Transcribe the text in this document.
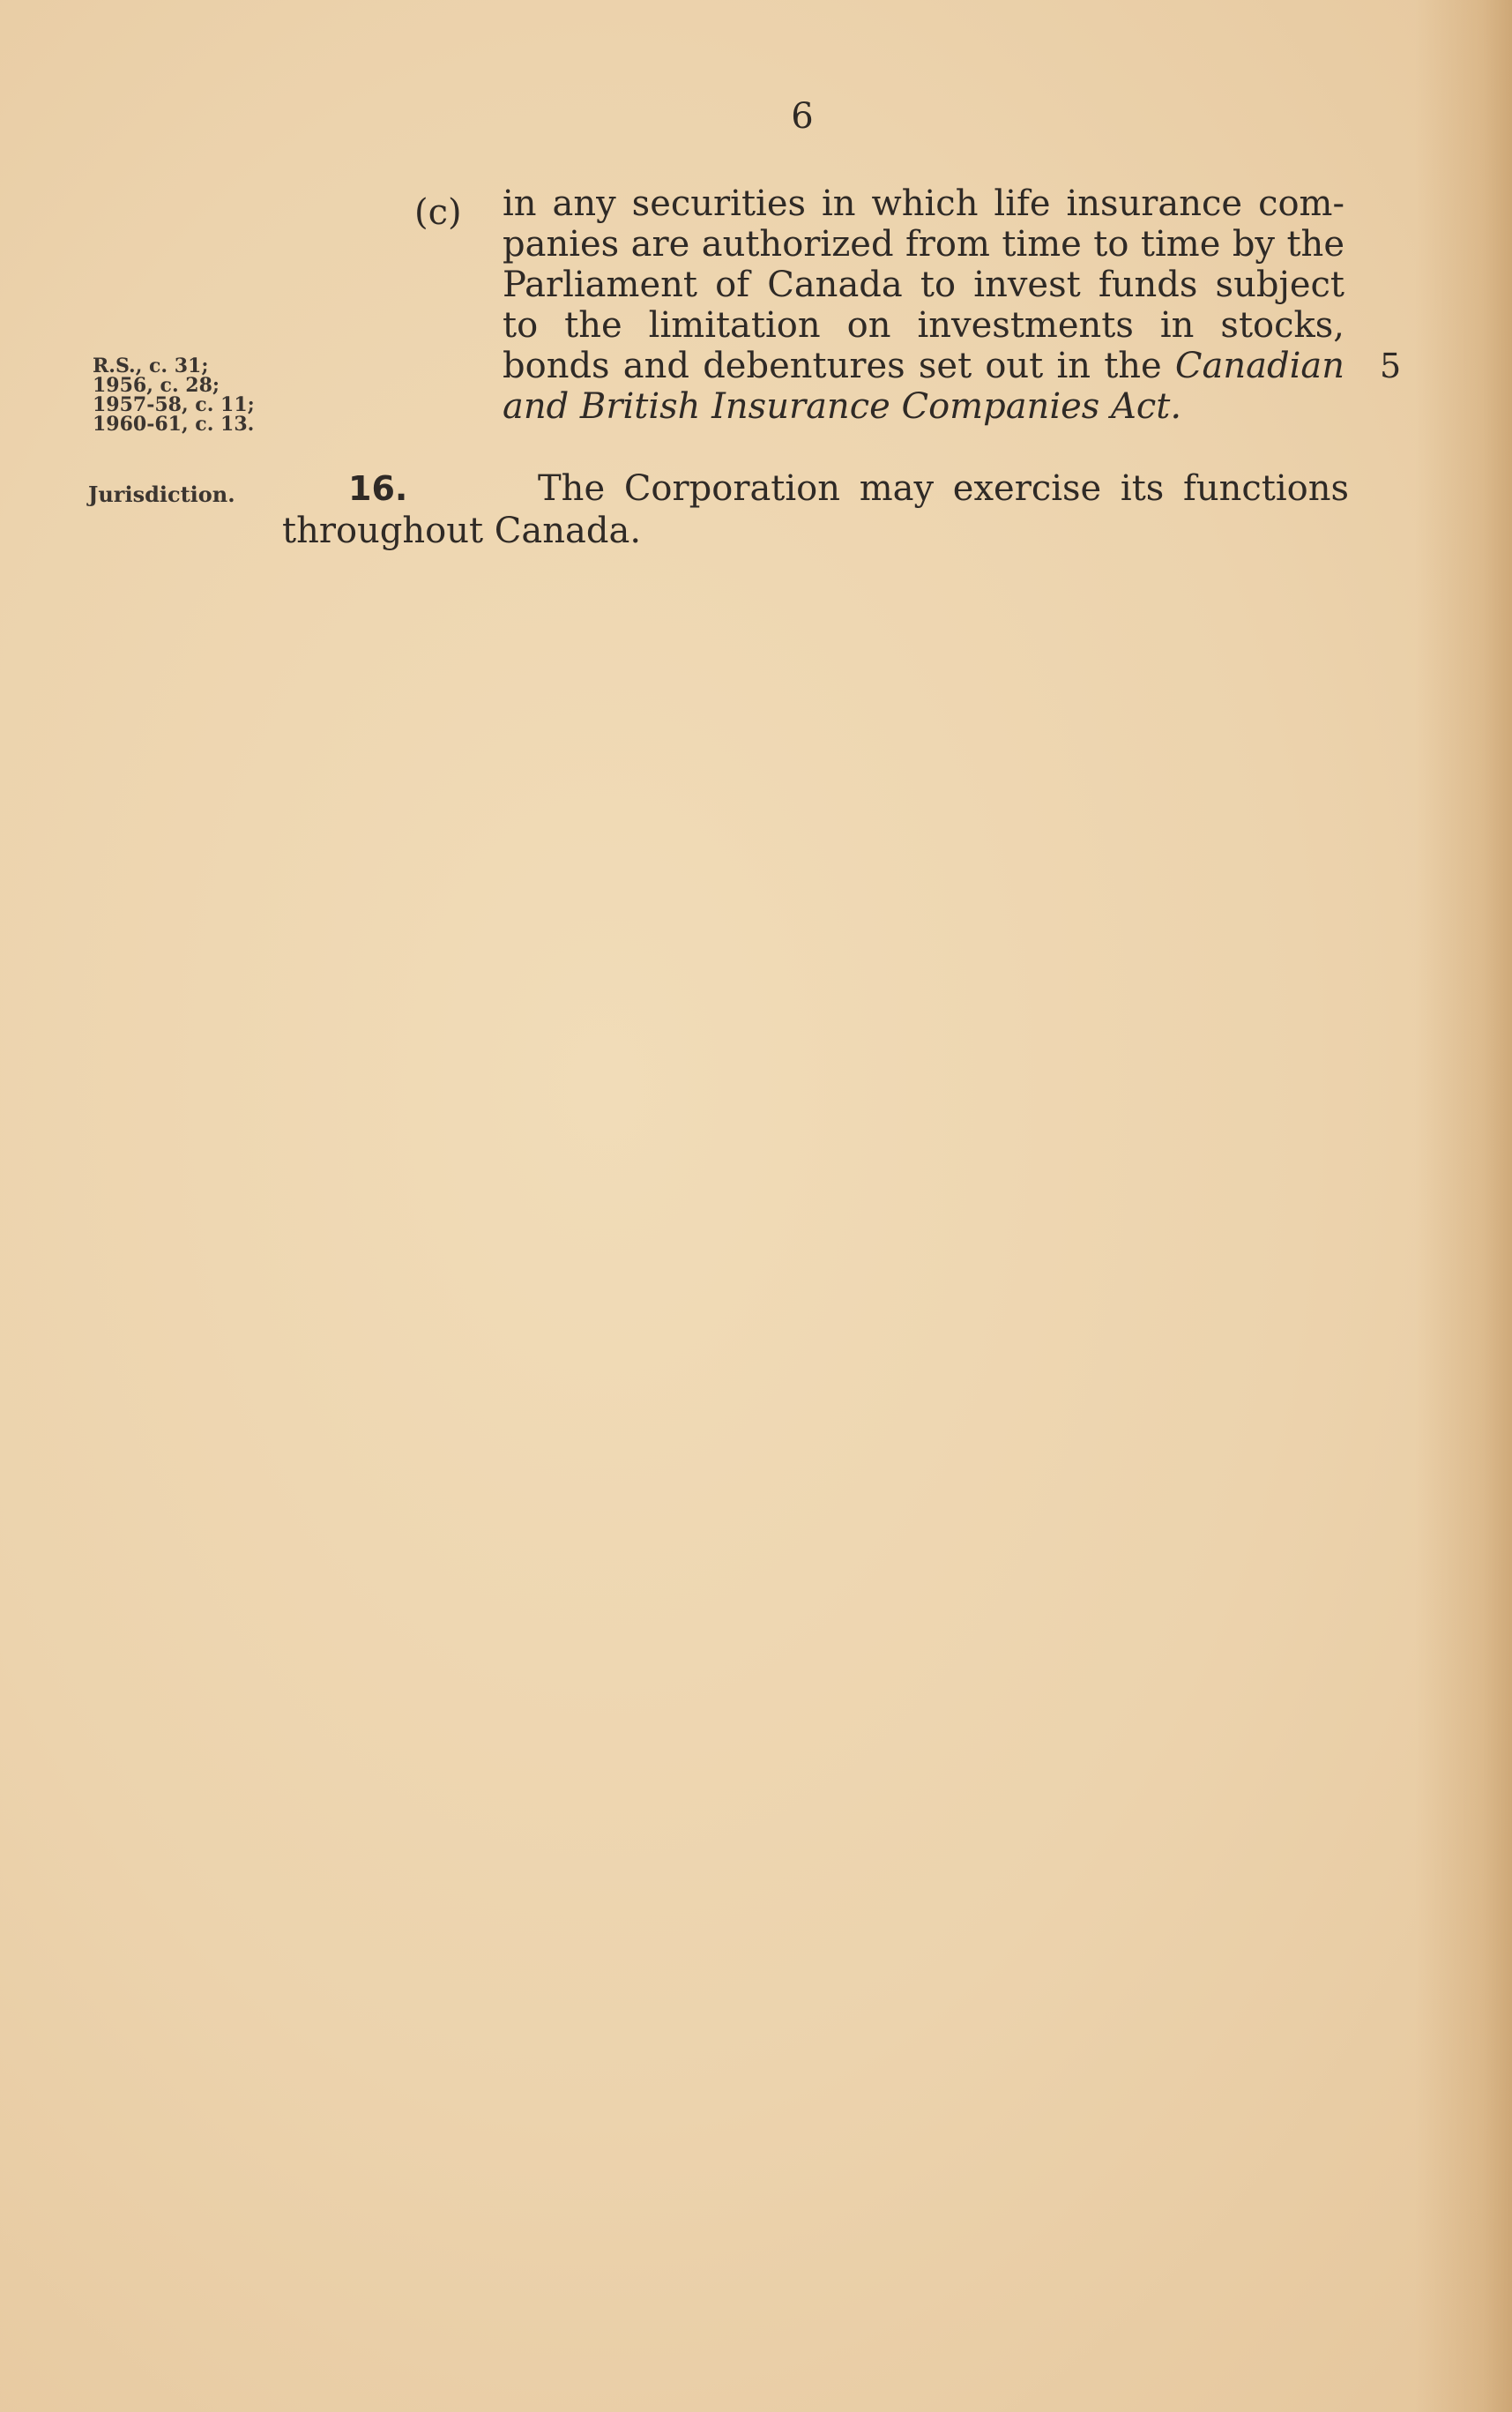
6
(c) in any securities in which life insurance com-
panies are authorized from time to time by the
Parliament of Canada to invest funds subject
to the limitation on investments in stocks,
bonds and debentures set out in the Canadian
and British Insurance Companies Act.
5
R.S., c. 31;
1956, c. 28;
1957-58, c. 11;
1960-61, c. 13.
Jurisdiction.	16.	The Corporation may exercise its functions
throughout Canada.
